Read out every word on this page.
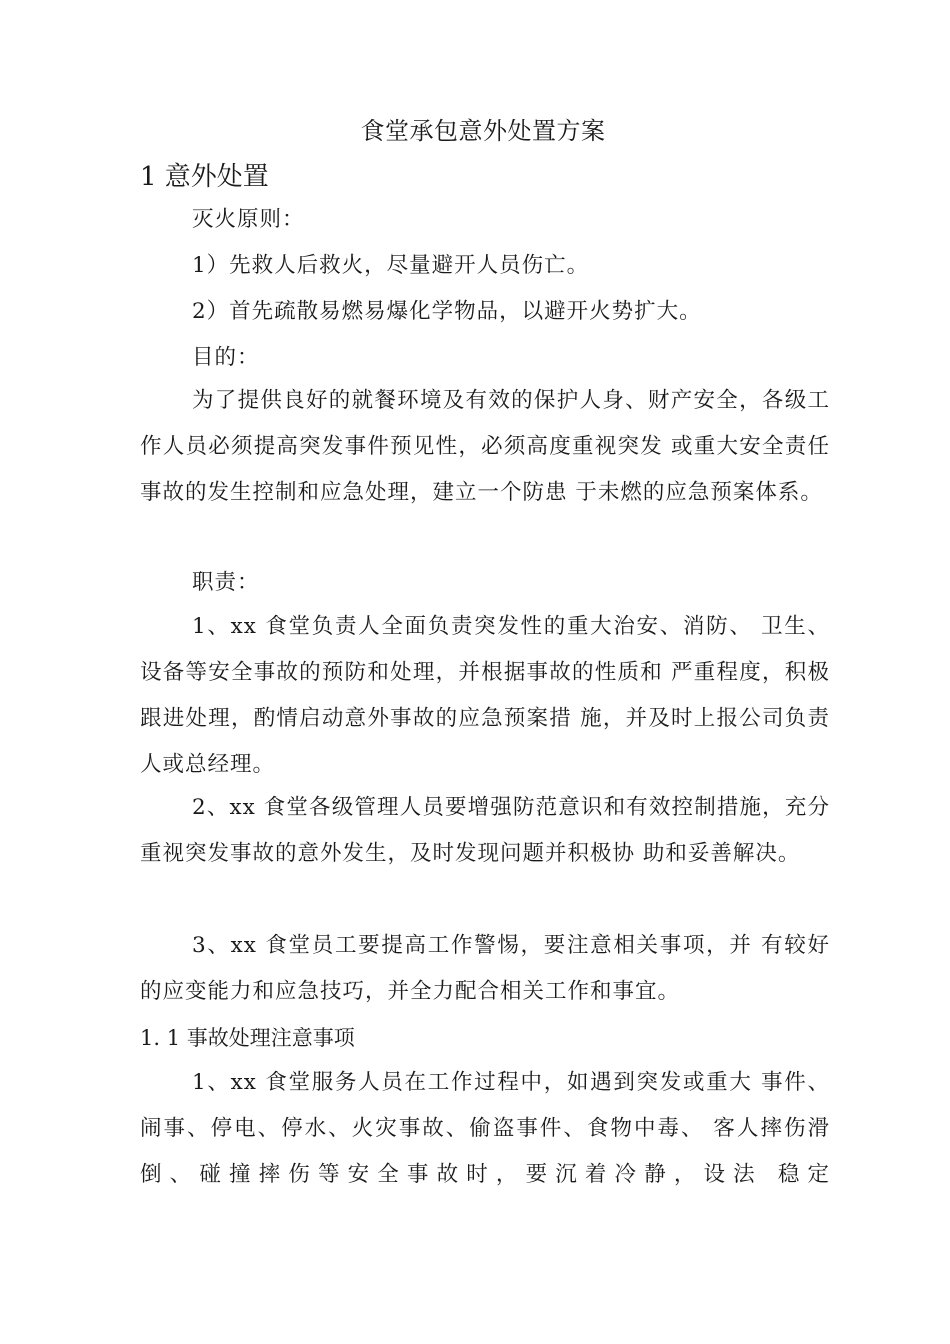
食堂承包意外处置方案
1 意外处置

灭火原则：

1）先救人后救火，尽量避开人员伤亡。

2）首先疏散易燃易爆化学物品，以避开火势扩大。

目的：

为了提供良好的就餐环境及有效的保护人身、财产安全，各级工作人员必须提高突发事件预见性，必须高度重视突发 或重大安全责任事故的发生控制和应急处理，建立一个防患 于未燃的应急预案体系。

职责：

1、xx 食堂负责人全面负责突发性的重大治安、消防、 卫生、设备等安全事故的预防和处理，并根据事故的性质和 严重程度，积极跟进处理，酌情启动意外事故的应急预案措 施，并及时上报公司负责人或总经理。

2、xx 食堂各级管理人员要增强防范意识和有效控制措施，充分重视突发事故的意外发生，及时发现问题并积极协 助和妥善解决。

3、xx 食堂员工要提高工作警惕，要注意相关事项，并 有较好的应变能力和应急技巧，并全力配合相关工作和事宜。

1. 1 事故处理注意事项

1、xx 食堂服务人员在工作过程中，如遇到突发或重大 事件、闹事、停电、停水、火灾事故、偷盗事件、食物中毒、 客人摔伤滑倒、碰撞摔伤等安全事故时，要沉着冷静，设法 稳定
